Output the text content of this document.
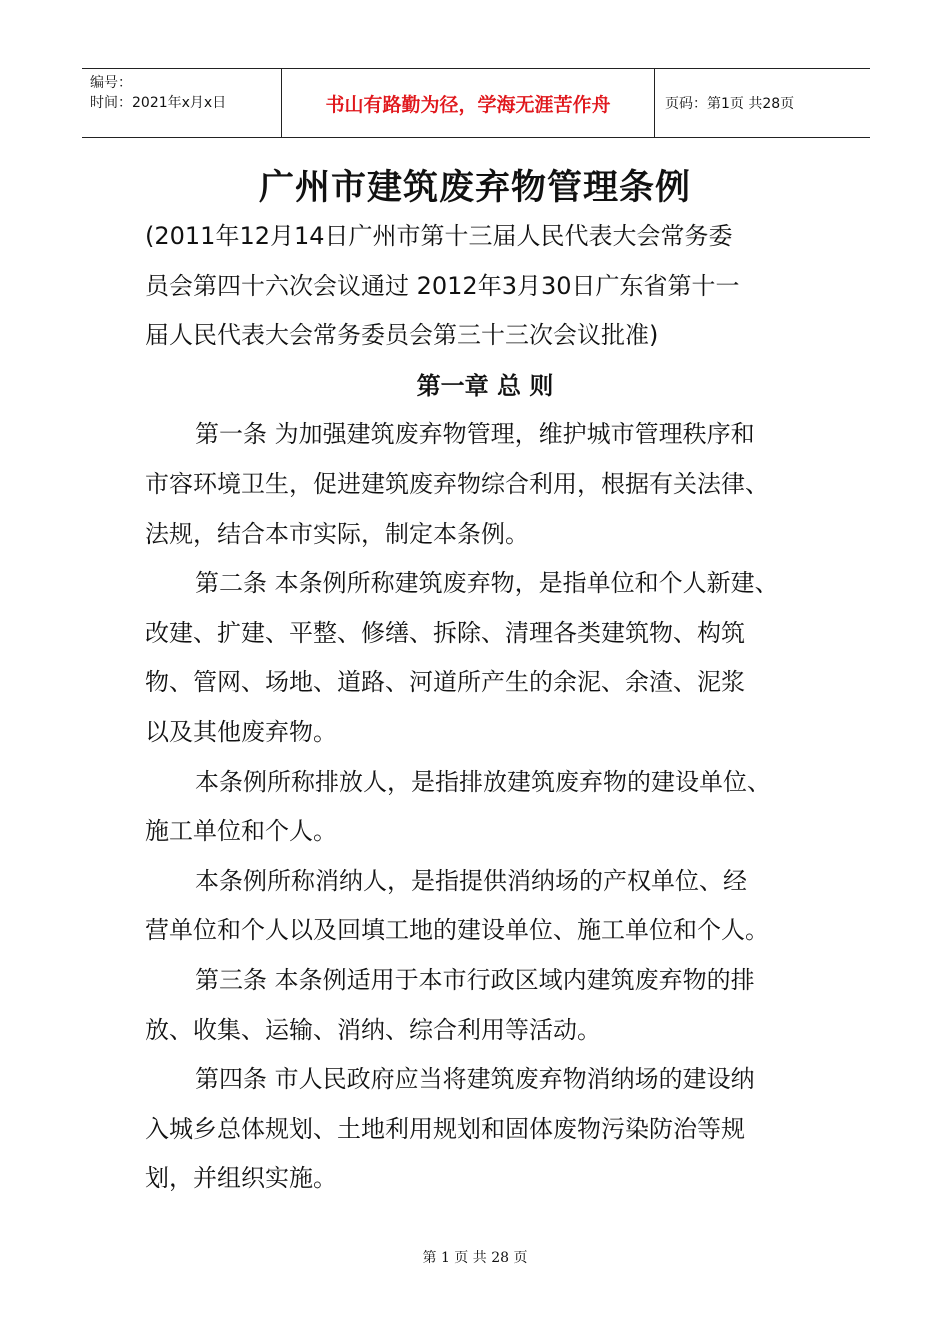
编号：
时间：2021年x月x日	书山有路勤为径，学海无涯苦作舟	页码：第1页 共28页
广州市建筑废弃物管理条例
(2011年12月14日广州市第十三届人民代表大会常务委
员会第四十六次会议通过 2012年3月30日广东省第十一
届人民代表大会常务委员会第三十三次会议批准)
第一章 总 则
第一条 为加强建筑废弃物管理，维护城市管理秩序和
市容环境卫生，促进建筑废弃物综合利用，根据有关法律、
法规，结合本市实际，制定本条例。
第二条 本条例所称建筑废弃物，是指单位和个人新建、
改建、扩建、平整、修缮、拆除、清理各类建筑物、构筑
物、管网、场地、道路、河道所产生的余泥、余渣、泥浆
以及其他废弃物。
本条例所称排放人，是指排放建筑废弃物的建设单位、
施工单位和个人。
本条例所称消纳人，是指提供消纳场的产权单位、经
营单位和个人以及回填工地的建设单位、施工单位和个人。
第三条 本条例适用于本市行政区域内建筑废弃物的排
放、收集、运输、消纳、综合利用等活动。
第四条 市人民政府应当将建筑废弃物消纳场的建设纳
入城乡总体规划、土地利用规划和固体废物污染防治等规
划，并组织实施。
第 1 页 共 28 页
